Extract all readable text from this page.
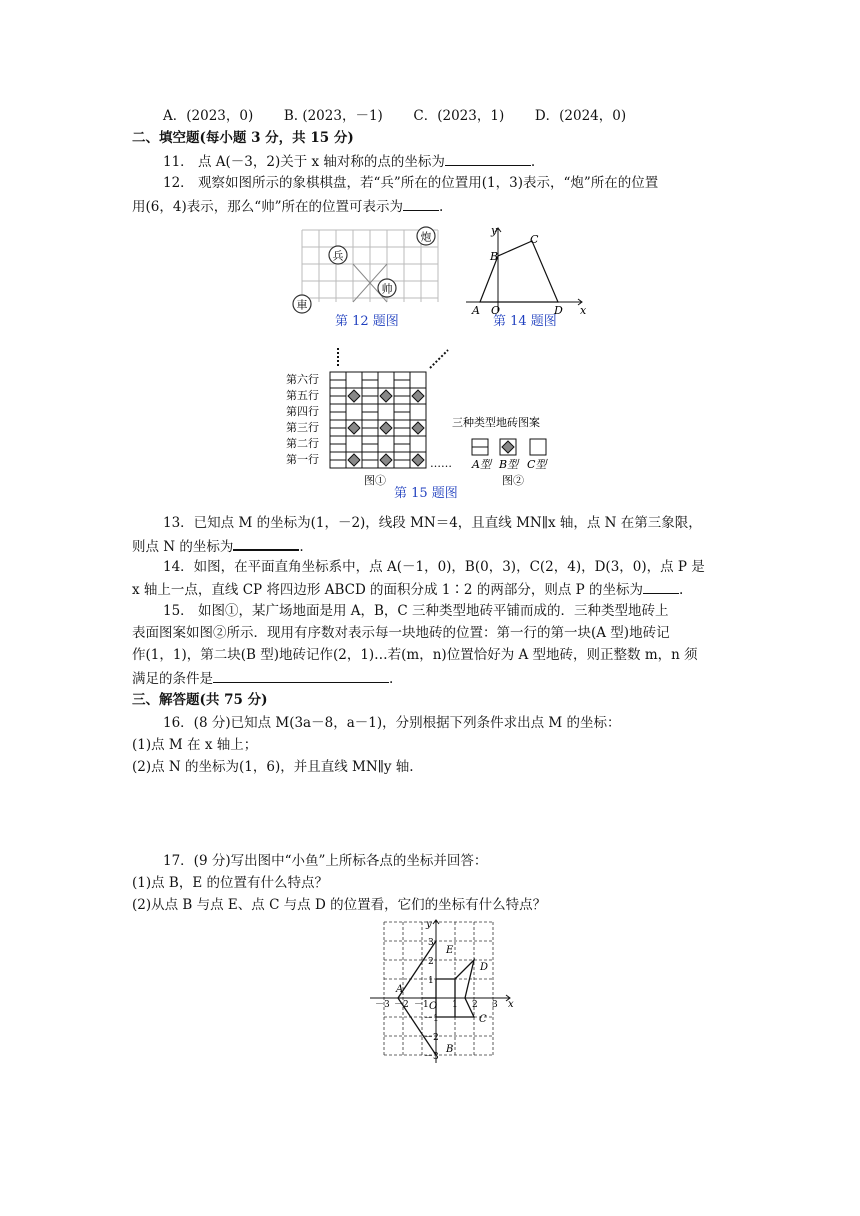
A．(2023，0) B. (2023，－1) C．(2023，1) D．(2024，0)
二、填空题(每小题 3 分，共 15 分)
11． 点 A(－3，2)关于 x 轴对称的点的坐标为	.
12． 观察如图所示的象棋棋盘，若“兵”所在的位置用(1，3)表示，“炮”所在的位置
用(6，4)表示，那么“帅”所在的位置可表示为	.
兵
炮
帅
車
第 12 题图
y
x
A O
B
C
D
第 14 题图
第六行
第五行
第四行
第三行
第二行
第一行	……
图①
三种类型地砖图案
A型 B型 C型
图②
第 15 题图
13．已知点 M 的坐标为(1，－2)，线段 MN＝4，且直线 MN∥x 轴，点 N 在第三象限，
则点 N 的坐标为	.
14．如图，在平面直角坐标系中，点 A(－1，0)，B(0，3)，C(2，4)，D(3，0)，点 P 是
x 轴上一点，直线 CP 将四边形 ABCD 的面积分成 1∶2 的两部分，则点 P 的坐标为	.
15． 如图①，某广场地面是用 A，B，C 三种类型地砖平铺而成的．三种类型地砖上
表面图案如图②所示．现用有序数对表示每一块地砖的位置：第一行的第一块(A 型)地砖记
作(1，1)，第二块(B 型)地砖记作(2，1)…若(m，n)位置恰好为 A 型地砖，则正整数 m，n 须
满足的条件是	.
三、解答题(共 75 分)
16．(8 分)已知点 M(3a－8，a－1)，分别根据下列条件求出点 M 的坐标：
(1)点 M 在 x 轴上；
(2)点 N 的坐标为(1，6)，并且直线 MN∥y 轴.
17．(9 分)写出图中“小鱼”上所标各点的坐标并回答：
(1)点 B，E 的位置有什么特点？
(2)从点 B 与点 E、点 C 与点 D 的位置看，它们的坐标有什么特点？
y
x
O
A
B
C
D
E
－3 －2 －1	1 2 3
3
2
1
－1
－2
－3
